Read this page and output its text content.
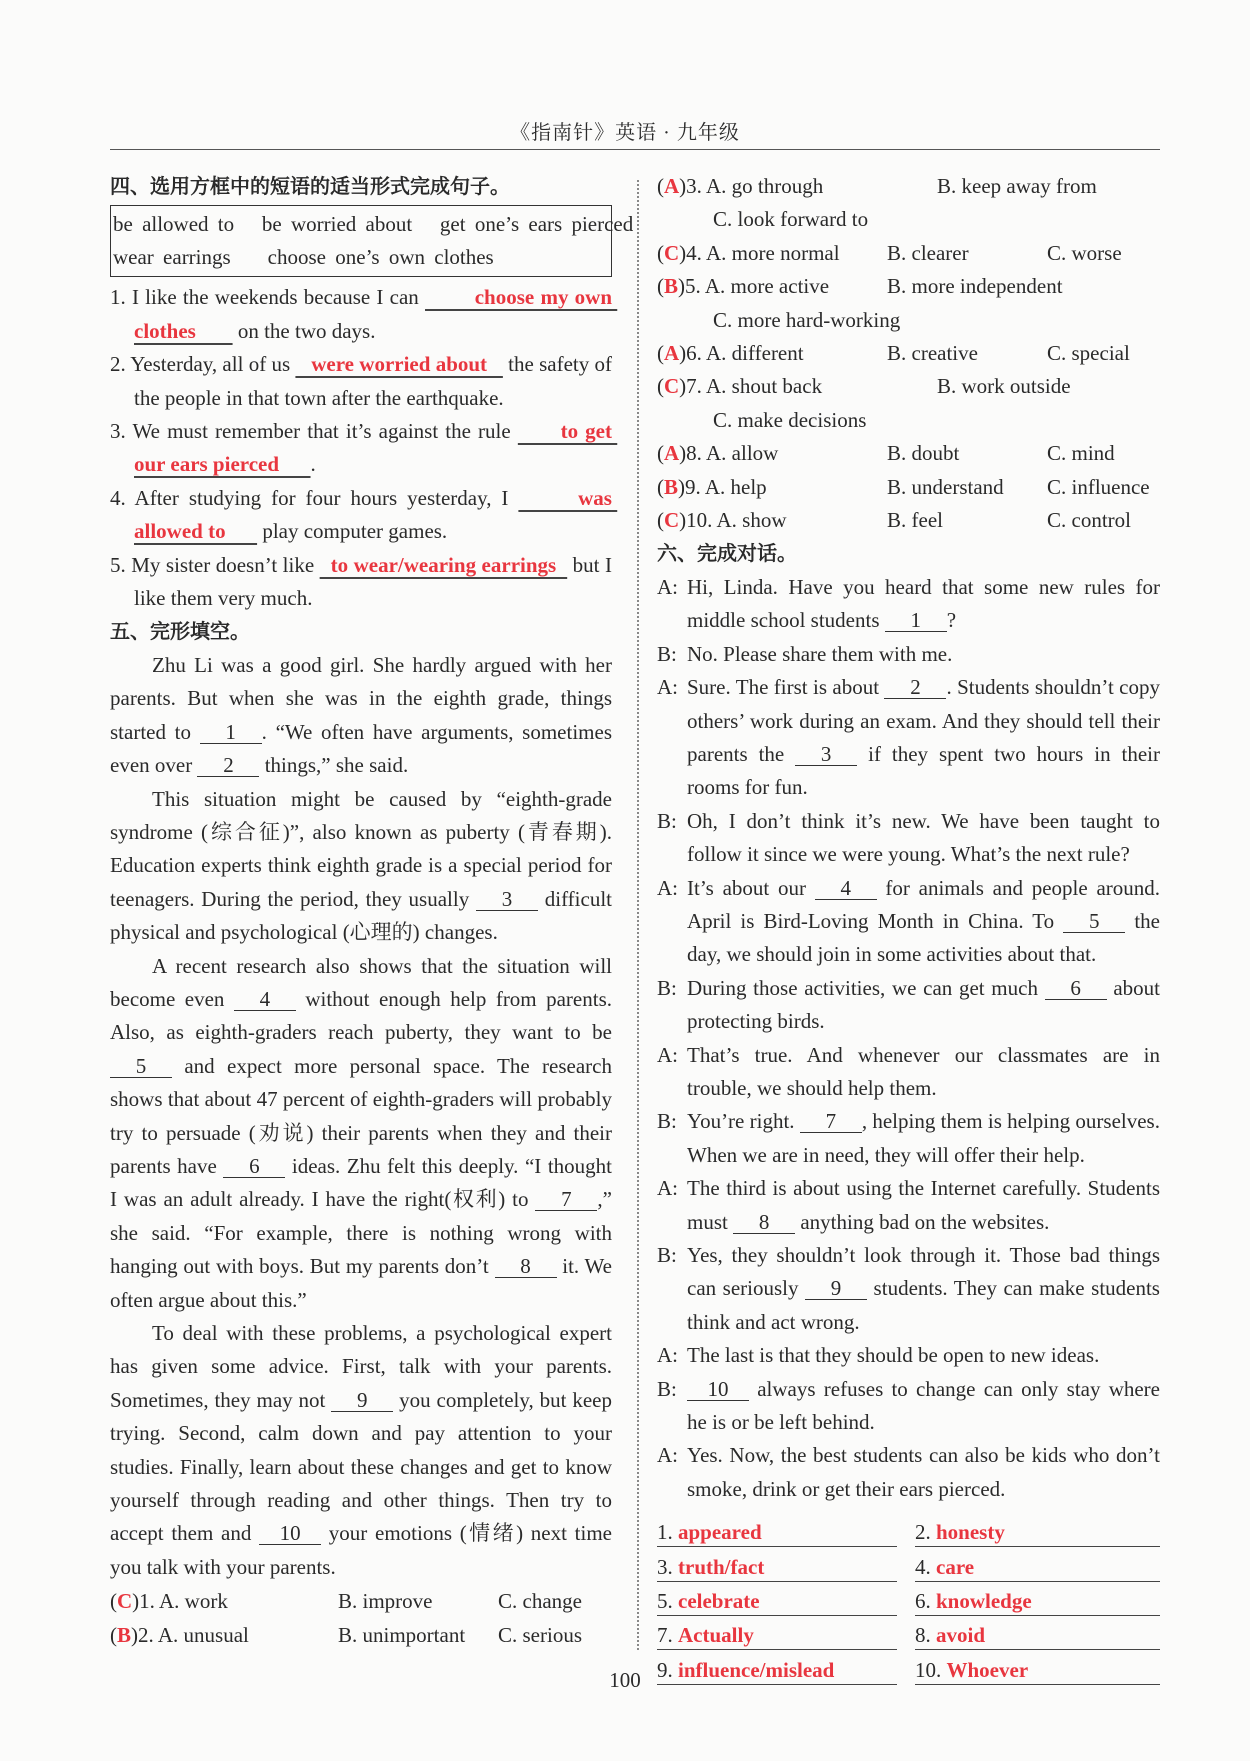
《指南针》英语 · 九年级
四、选用方框中的短语的适当形式完成句子。
be allowed to   be worried about   get one’s ears pierced
wear earrings    choose one’s own clothes
1. I like the weekends because I can         choose my own clothes        on the two days.
2. Yesterday, all of us    were worried about    the safety of the people in that town after the earthquake.
3. We must remember that it’s against the rule       to get our ears pierced      .
4. After studying for four hours yesterday, I       was allowed to       play computer games.
5. My sister doesn’t like   to wear/wearing earrings   but I like them very much.
五、完形填空。
Zhu Li was a good girl. She hardly argued with her parents. But when she was in the eighth grade, things started to 1 . “We often have arguments, sometimes even over 2 things,” she said.
This situation might be caused by “eighth-grade syndrome (综合征)”, also known as puberty (青春期). Education experts think eighth grade is a special period for teenagers. During the period, they usually 3 difficult physical and psychological (心理的) changes.
A recent research also shows that the situation will become even 4 without enough help from parents. Also, as eighth-graders reach puberty, they want to be 5 and expect more personal space. The research shows that about 47 percent of eighth-graders will probably try to persuade (劝说) their parents when they and their parents have 6 ideas. Zhu felt this deeply. “I thought I was an adult already. I have the right(权利) to 7 ,” she said. “For example, there is nothing wrong with hanging out with boys. But my parents don’t 8 it. We often argue about this.”
To deal with these problems, a psychological expert has given some advice. First, talk with your parents. Sometimes, they may not 9 you completely, but keep trying. Second, calm down and pay attention to your studies. Finally, learn about these changes and get to know yourself through reading and other things. Then try to accept them and 10 your emotions (情绪) next time you talk with your parents.
(C)1. A. work	B. improve	C. change
(B)2. A. unusual	B. unimportant	C. serious
(A)3. A. go through	B. keep away from
C. look forward to
(C)4. A. more normal	B. clearer	C. worse
(B)5. A. more active	B. more independent
C. more hard-working
(A)6. A. different	B. creative	C. special
(C)7. A. shout back	B. work outside
C. make decisions
(A)8. A. allow	B. doubt	C. mind
(B)9. A. help	B. understand	C. influence
(C)10. A. show	B. feel	C. control
六、完成对话。
A: Hi, Linda. Have you heard that some new rules for middle school students 1 ?
B: No. Please share them with me.
A: Sure. The first is about 2 . Students shouldn’t copy others’ work during an exam. And they should tell their parents the 3 if they spent two hours in their rooms for fun.
B: Oh, I don’t think it’s new. We have been taught to follow it since we were young. What’s the next rule?
A: It’s about our 4 for animals and people around. April is Bird-Loving Month in China. To 5 the day, we should join in some activities about that.
B: During those activities, we can get much 6 about protecting birds.
A: That’s true. And whenever our classmates are in trouble, we should help them.
B: You’re right. 7 , helping them is helping ourselves. When we are in need, they will offer their help.
A: The third is about using the Internet carefully. Students must 8 anything bad on the websites.
B: Yes, they shouldn’t look through it. Those bad things can seriously 9 students. They can make students think and act wrong.
A: The last is that they should be open to new ideas.
B: 10 always refuses to change can only stay where he is or be left behind.
A: Yes. Now, the best students can also be kids who don’t smoke, drink or get their ears pierced.
1. appeared	2. honesty
3. truth/fact	4. care
5. celebrate	6. knowledge
7. Actually	8. avoid
9. influence/mislead	10. Whoever
100
